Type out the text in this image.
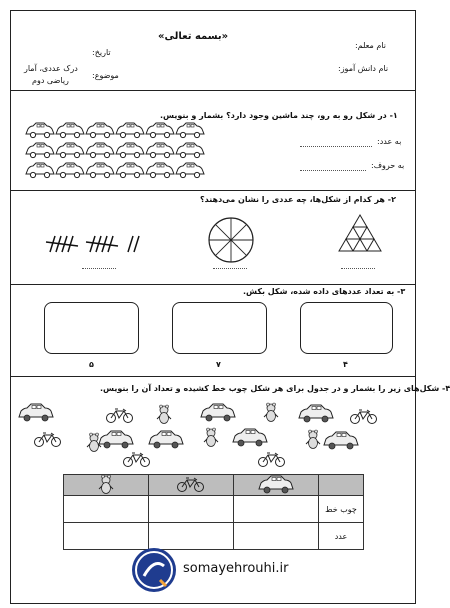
«بسمه تعالی»
نام معلم:
تاریخ:
نام دانش آموز:
موضوع:
درک عددی، آمار
ریاضی دوم
۱- در شکل رو به رو، چند ماشین وجود دارد؟ بشمار و بنویس.
به عدد:
به حروف:
۲- هر کدام از شکل‌ها، چه عددی را نشان می‌دهند؟
۳- به تعداد عددهای داده شده، شکل بکش.
۴
۷
۵
۴- شکل‌های زیر را بشمار و در جدول برای هر شکل چوب خط کشیده و تعداد آن را بنویس.

چوب خط			
عدد			
somayehrouhi.ir
